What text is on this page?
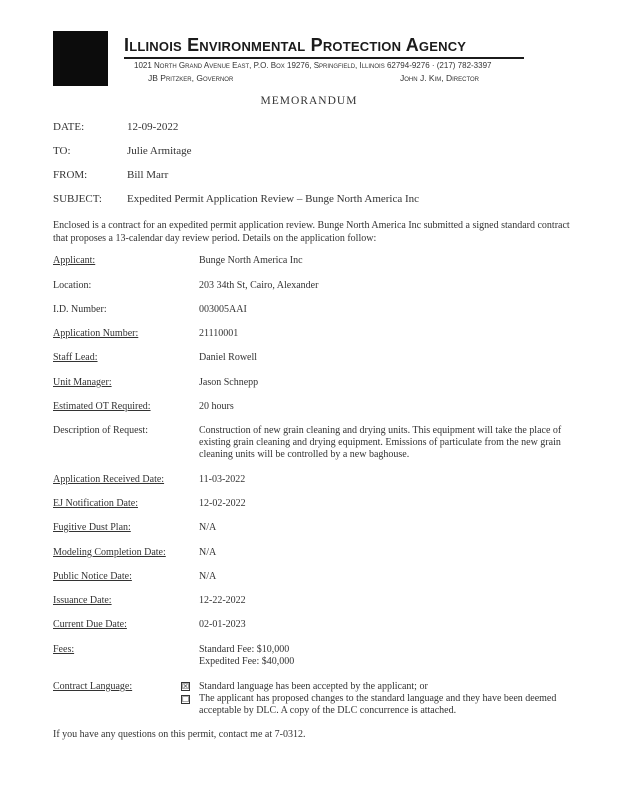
Illinois Environmental Protection Agency
1021 North Grand Avenue East, P.O. Box 19276, Springfield, Illinois 62794-9276 · (217) 782-3397
JB Pritzker, Governor	John J. Kim, Director
MEMORANDUM
DATE:	12-09-2022
TO:	Julie Armitage
FROM:	Bill Marr
SUBJECT: Expedited Permit Application Review – Bunge North America Inc
Enclosed is a contract for an expedited permit application review. Bunge North America Inc submitted a signed standard contract that proposes a 13-calendar day review period. Details on the application follow:
Applicant:	Bunge North America Inc
Location:	203 34th St, Cairo, Alexander
I.D. Number:	003005AAI
Application Number:	21110001
Staff Lead:	Daniel Rowell
Unit Manager:	Jason Schnepp
Estimated OT Required:	20 hours
Description of Request:	Construction of new grain cleaning and drying units. This equipment will take the place of existing grain cleaning and drying equipment. Emissions of particulate from the new grain cleaning units will be controlled by a new baghouse.
Application Received Date:	11-03-2022
EJ Notification Date:	12-02-2022
Fugitive Dust Plan:	N/A
Modeling Completion Date:	N/A
Public Notice Date:	N/A
Issuance Date:	12-22-2022
Current Due Date:	02-01-2023
Fees:	Standard Fee: $10,000
Expedited Fee: $40,000
Contract Language:	☒ Standard language has been accepted by the applicant; or
☐ The applicant has proposed changes to the standard language and they have been deemed acceptable by DLC. A copy of the DLC concurrence is attached.
If you have any questions on this permit, contact me at 7-0312.
